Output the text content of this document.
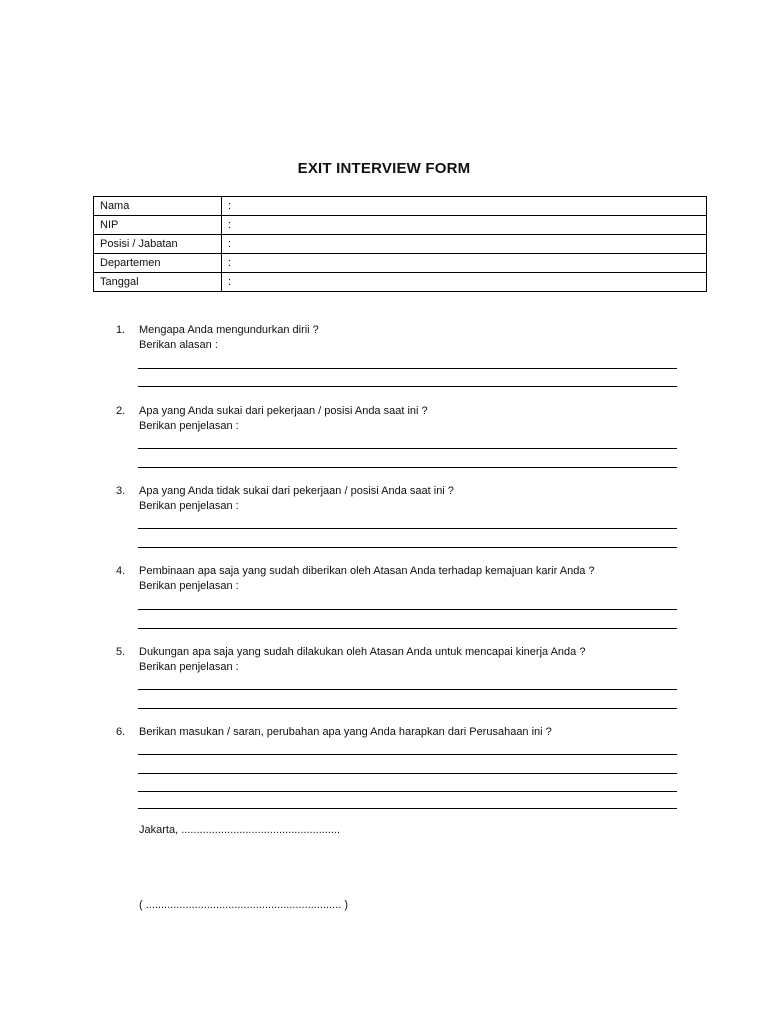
EXIT INTERVIEW FORM
Nama	:
NIP	:
Posisi / Jabatan	:
Departemen	:
Tanggal	:
1.	Mengapa Anda mengundurkan dirii ?
Berikan alasan :
2.	Apa yang Anda sukai dari pekerjaan / posisi Anda saat ini ?
Berikan penjelasan :
3.	Apa yang Anda tidak sukai dari pekerjaan / posisi Anda saat ini ?
Berikan penjelasan :
4.	Pembinaan apa saja yang sudah diberikan oleh Atasan Anda terhadap kemajuan karir Anda ?
Berikan penjelasan :
5.	Dukungan apa saja yang sudah dilakukan oleh Atasan Anda untuk mencapai kinerja Anda ?
Berikan penjelasan :
6.	Berikan masukan / saran, perubahan apa yang Anda harapkan dari Perusahaan ini ?
Jakarta, ....................................................
( ................................................................ )
